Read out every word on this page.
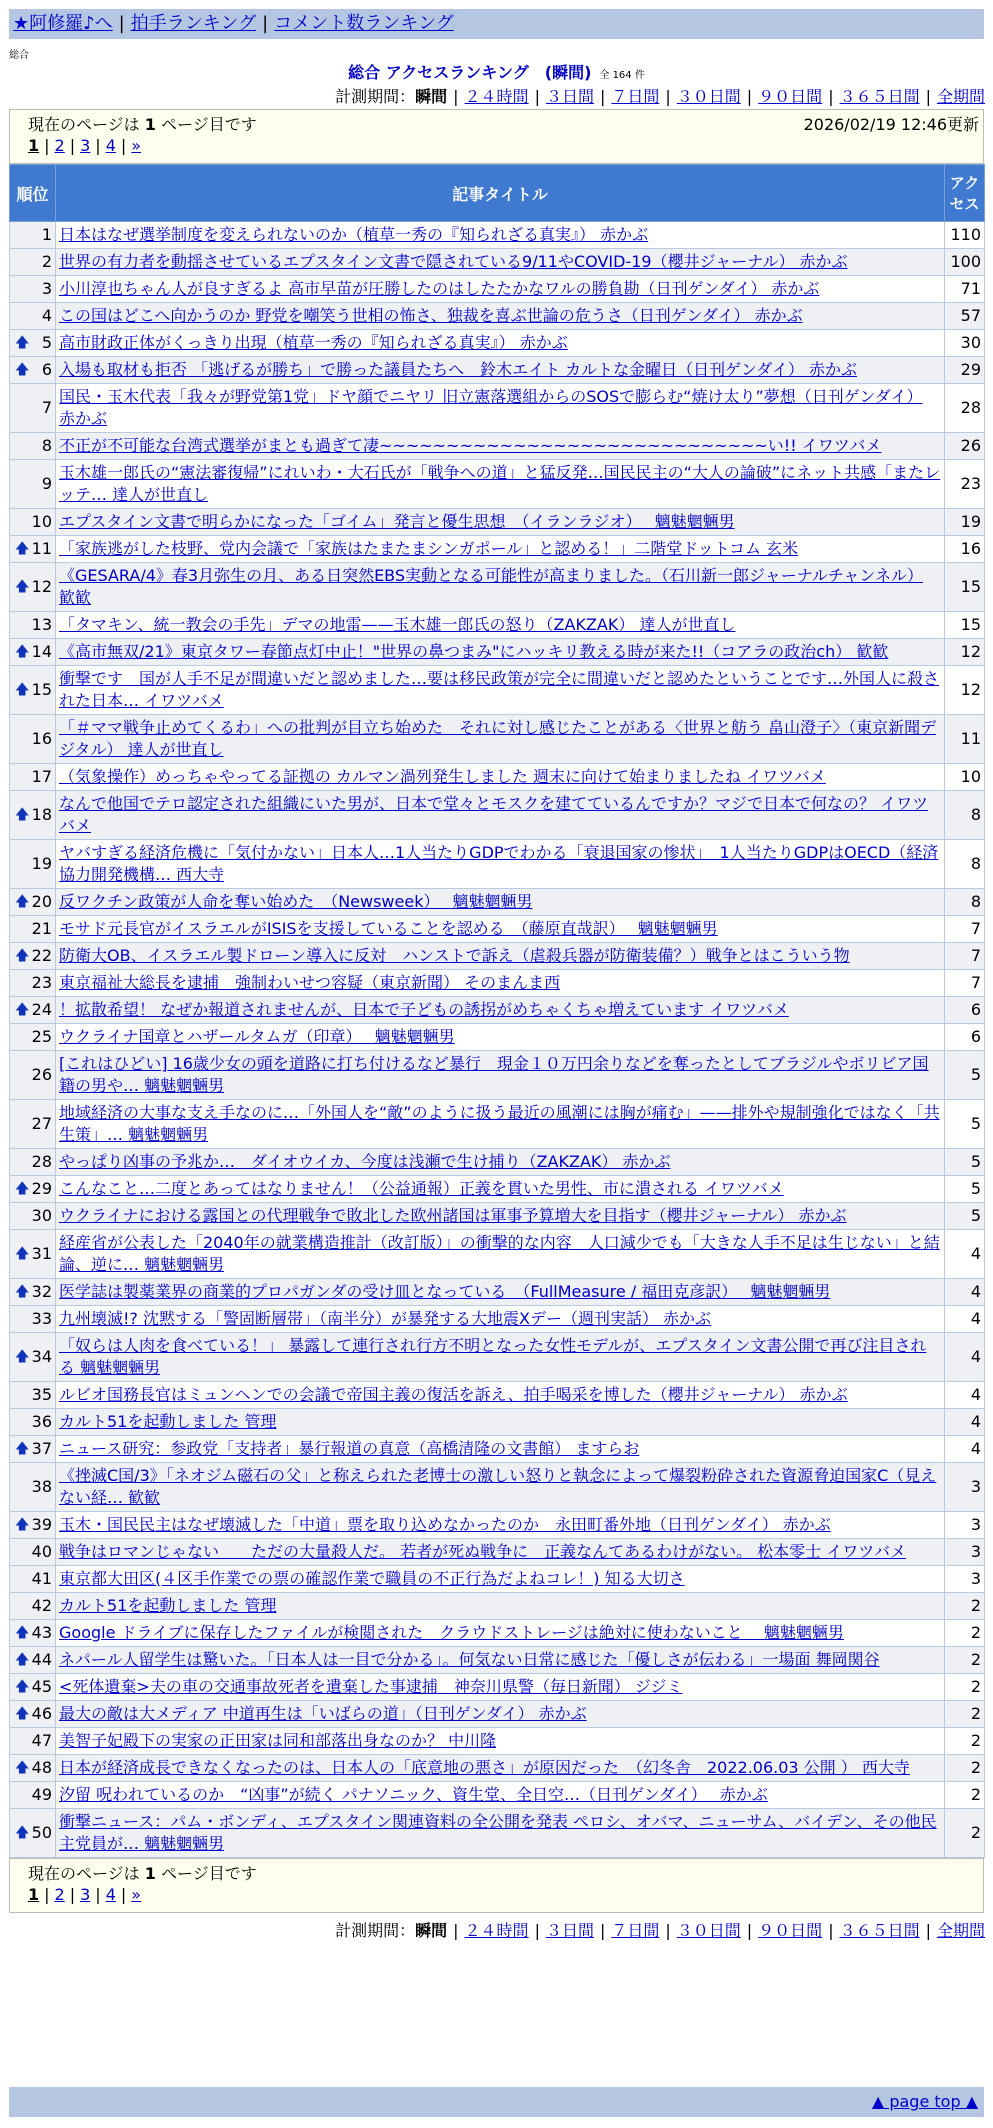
★阿修羅♪へ | 拍手ランキング | コメント数ランキング
総合
総合 アクセスランキング　(瞬間) 全 164 件
計測期間：瞬間 | ２４時間 | ３日間 | ７日間 | ３０日間 | ９０日間 | ３６５日間 | 全期間
現在のページは 1 ページ目です	2026/02/19 12:46更新
1 | 2 | 3 | 4 | »
順位	記事タイトル	アクセス
1	日本はなぜ選挙制度を変えられないのか（植草一秀の『知られざる真実』） 赤かぶ	110
2	世界の有力者を動揺させているエプスタイン文書で隠されている9/11やCOVID-19（櫻井ジャーナル） 赤かぶ	100
3	小川淳也ちゃん人が良すぎるよ 高市早苗が圧勝したのはしたたかなワルの勝負勘（日刊ゲンダイ） 赤かぶ	71
4	この国はどこへ向かうのか 野党を嘲笑う世相の怖さ、独裁を喜ぶ世論の危うさ（日刊ゲンダイ） 赤かぶ	57

🡅 5	高市財政正体がくっきり出現（植草一秀の『知られざる真実』） 赤かぶ	30

🡅 6	入場も取材も拒否 「逃げるが勝ち」で勝った議員たちへ　鈴木エイト カルトな金曜日（日刊ゲンダイ） 赤かぶ	29
7	国民・玉木代表「我々が野党第1党」ドヤ顔でニヤリ 旧立憲落選組からのSOSで膨らむ“焼け太り”夢想（日刊ゲンダイ） 赤かぶ	28
8	不正が不可能な台湾式選挙がまとも過ぎて凄~~~~~~~~~~~~~~~~~~~~~~~~~~~~~い!! イワツバメ	26
9	玉木雄一郎氏の“憲法審復帰”にれいわ・大石氏が「戦争への道」と猛反発…国民民主の“大人の論破”にネット共感「またレッテ… 達人が世直し	23
10	エプスタイン文書で明らかになった「ゴイム」発言と優生思想　（イランラジオ）　 魑魅魍魎男	19

🡅 11	「家族逃がした枝野、党内会議で「家族はたまたまシンガポール」と認める！」二階堂ドットコム 玄米	16

🡅 12	《GESARA/4》春3月弥生の月、ある日突然EBS実動となる可能性が高まりました。（石川新一郎ジャーナルチャンネル） 歓歓	15
13	「タマキン、統一教会の手先」デマの地雷——玉木雄一郎氏の怒り（ZAKZAK） 達人が世直し	15

🡅 14	《高市無双/21》東京タワー春節点灯中止！"世界の鼻つまみ"にハッキリ教える時が来た!!（コアラの政治ch） 歓歓	12

🡅 15	衝撃です　国が人手不足が間違いだと認めました…要は移民政策が完全に間違いだと認めたということです…外国人に殺された日本… イワツバメ	12
16	「＃ママ戦争止めてくるわ」への批判が目立ち始めた　それに対し感じたことがある〈世界と舫う 畠山澄子〉（東京新聞デジタル） 達人が世直し	11
17	（気象操作）めっちゃやってる証拠の カルマン渦列発生しました 週末に向けて始まりましたね イワツバメ	10

🡅 18	なんで他国でテロ認定された組織にいた男が、日本で堂々とモスクを建てているんですか？マジで日本で何なの？ イワツバメ	8
19	ヤバすぎる経済危機に「気付かない」日本人…1人当たりGDPでわかる「衰退国家の惨状」　1人当たりGDPはOECD（経済協力開発機構… 西大寺	8

🡅 20	反ワクチン政策が人命を奪い始めた　（Newsweek）　 魑魅魍魎男	8
21	モサド元長官がイスラエルがISISを支援していることを認める　（藤原直哉訳）　 魑魅魍魎男	7

🡅 22	防衛大OB、イスラエル製ドローン導入に反対　ハンストで訴え（虐殺兵器が防衛装備？）戦争とはこういう物	7
23	東京福祉大総長を逮捕　強制わいせつ容疑（東京新聞） そのまんま西	7

🡅 24	！拡散希望！ なぜか報道されませんが、日本で子どもの誘拐がめちゃくちゃ増えています イワツバメ	6
25	ウクライナ国章とハザールタムガ（印章）　 魑魅魍魎男	6
26	[これはひどい] 16歳少女の頭を道路に打ち付けるなど暴行　現金１０万円余りなどを奪ったとしてブラジルやボリビア国籍の男や… 魑魅魍魎男	5
27	地域経済の大事な支え手なのに…「外国人を“敵”のように扱う最近の風潮には胸が痛む」——排外や規制強化ではなく「共生策」… 魑魅魍魎男	5
28	やっぱり凶事の予兆か…　ダイオウイカ、今度は浅瀬で生け捕り（ZAKZAK） 赤かぶ	5

🡅 29	こんなこと…二度とあってはなりません！（公益通報）正義を貫いた男性、市に潰される イワツバメ	5
30	ウクライナにおける露国との代理戦争で敗北した欧州諸国は軍事予算増大を目指す（櫻井ジャーナル） 赤かぶ	5

🡅 31	経産省が公表した「2040年の就業構造推計（改訂版）」の衝撃的な内容　人口減少でも「大きな人手不足は生じない」と結論、逆に… 魑魅魍魎男	4

🡅 32	医学誌は製薬業界の商業的プロパガンダの受け皿となっている　（FullMeasure / 福田克彦訳）　 魑魅魍魎男	4
33	九州壊滅!? 沈黙する「警固断層帯」（南半分）が暴発する大地震Xデー（週刊実話） 赤かぶ	4

🡅 34	「奴らは人肉を食べている！」 暴露して連行され行方不明となった女性モデルが、エプスタイン文書公開で再び注目される 魑魅魍魎男	4
35	ルビオ国務長官はミュンヘンでの会議で帝国主義の復活を訴え、拍手喝采を博した（櫻井ジャーナル） 赤かぶ	4
36	カルト51を起動しました 管理	4

🡅 37	ニュース研究：参政党「支持者」暴行報道の真意（高橋清隆の文書館） ますらお	4
38	《挫滅C国/3》「ネオジム磁石の父」と称えられた老博士の激しい怒りと執念によって爆裂粉砕された資源脅迫国家C（見えない経… 歓歓	3

🡅 39	玉木・国民民主はなぜ壊滅した「中道」票を取り込めなかったのか　永田町番外地（日刊ゲンダイ） 赤かぶ	3
40	戦争はロマンじゃない　　ただの大量殺人だ。 若者が死ぬ戦争に　正義なんてあるわけがない。 松本零士 イワツバメ	3
41	東京都大田区(４区手作業での票の確認作業で職員の不正行為だよねコレ！) 知る大切さ	3
42	カルト51を起動しました 管理	2

🡅 43	Google ドライブに保存したファイルが検閲された　クラウドストレージは絶対に使わないこと　 魑魅魍魎男	2

🡅 44	ネパール人留学生は驚いた。「日本人は一目で分かる」。何気ない日常に感じた「優しさが伝わる」一場面 舞岡関谷	2

🡅 45	<死体遺棄>夫の車の交通事故死者を遺棄した事逮捕　神奈川県警（毎日新聞） ジジミ	2

🡅 46	最大の敵は大メディア 中道再生は「いばらの道」（日刊ゲンダイ） 赤かぶ	2
47	美智子妃殿下の実家の正田家は同和部落出身なのか？ 中川隆	2

🡅 48	日本が経済成長できなくなったのは、日本人の「底意地の悪さ」が原因だった　（幻冬舎　2022.06.03 公開 ） 西大寺	2
49	汐留 呪われているのか　“凶事”が続く パナソニック、資生堂、全日空…（日刊ゲンダイ）　 赤かぶ	2

🡅 50	衝撃ニュース：パム・ボンディ、エプスタイン関連資料の全公開を発表 ペロシ、オバマ、ニューサム、バイデン、その他民主党員が… 魑魅魍魎男	2
現在のページは 1 ページ目です
1 | 2 | 3 | 4 | »
計測期間：瞬間 | ２４時間 | ３日間 | ７日間 | ３０日間 | ９０日間 | ３６５日間 | 全期間
▲ page top ▲
